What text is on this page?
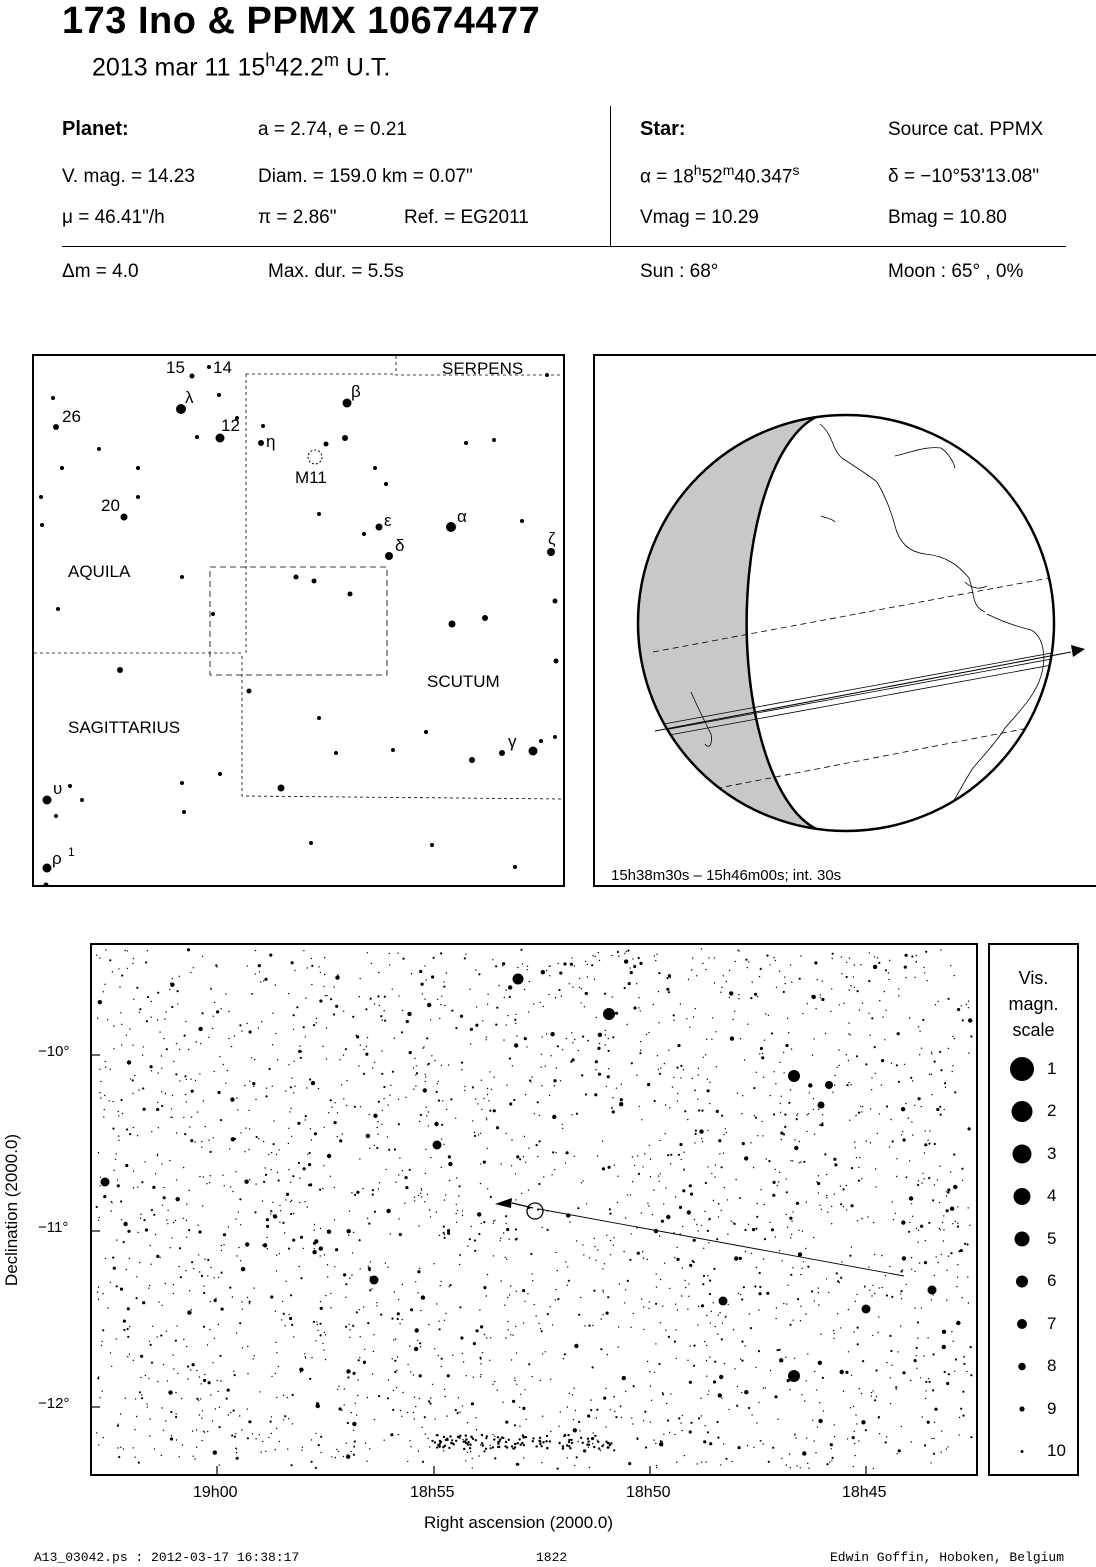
173 Ino & PPMX 10674477
2013 mar 11 15$^h$42.2$^m$ U.T.
Planet:	a = 2.74, e = 0.21
V. mag. = 14.23	Diam. = 159.0 km = 0.07"
μ = 46.41"/h	π = 2.86"	Ref. = EG2011
Star:	Source cat. PPMX
$\alpha = 18^h52^m40.347^s$	δ = −10°53'13.08"
Vmag = 10.29	Bmag = 10.80
Δm = 4.0	Max. dur. = 5.5s	Sun : 68°	Moon : 65° , 0%
SERPENS
AQUILA
SAGITTARIUS
SCUTUM
M11
15 14
12
26
20
λ	β
η
α
ε
δ	ζ
γ
υ
ρ 1
15h38m30s – 15h46m00s; int. 30s
−10°
−11°
−12°
19h00	18h55	18h50	18h45
Right ascension (2000.0)
Declination (2000.0)
Vis.
magn.
scale
1
2
3
4
5
6
7
8
9
10
A13_03042.ps : 2012-03-17 16:38:17	1822	Edwin Goffin, Hoboken, Belgium
